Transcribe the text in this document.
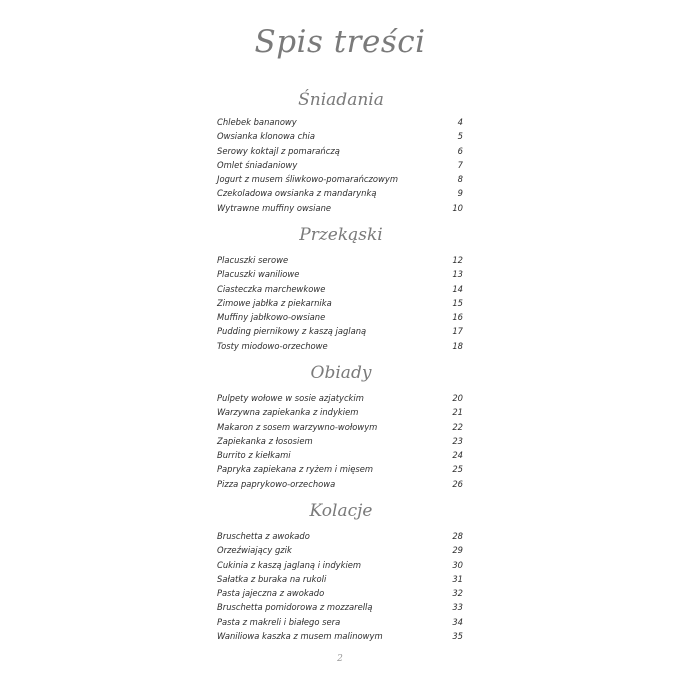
Spis treści
Śniadania
Chlebek bananowy	4
Owsianka klonowa chia	5
Serowy koktajl z pomarańczą	6
Omlet śniadaniowy	7
Jogurt z musem śliwkowo-pomarańczowym	8
Czekoladowa owsianka z mandarynką	9
Wytrawne muffiny owsiane	10
Przekąski
Placuszki serowe	12
Placuszki waniliowe	13
Ciasteczka marchewkowe	14
Zimowe jabłka z piekarnika	15
Muffiny jabłkowo-owsiane	16
Pudding piernikowy z kaszą jaglaną	17
Tosty miodowo-orzechowe	18
Obiady
Pulpety wołowe w sosie azjatyckim	20
Warzywna zapiekanka z indykiem	21
Makaron z sosem warzywno-wołowym	22
Zapiekanka z łososiem	23
Burrito z kiełkami	24
Papryka zapiekana z ryżem i mięsem	25
Pizza paprykowo-orzechowa	26
Kolacje
Bruschetta z awokado	28
Orzeźwiający gzik	29
Cukinia z kaszą jaglaną i indykiem	30
Sałatka z buraka na rukoli	31
Pasta jajeczna z awokado	32
Bruschetta pomidorowa z mozzarellą	33
Pasta z makreli i białego sera	34
Waniliowa kaszka z musem malinowym	35
2
